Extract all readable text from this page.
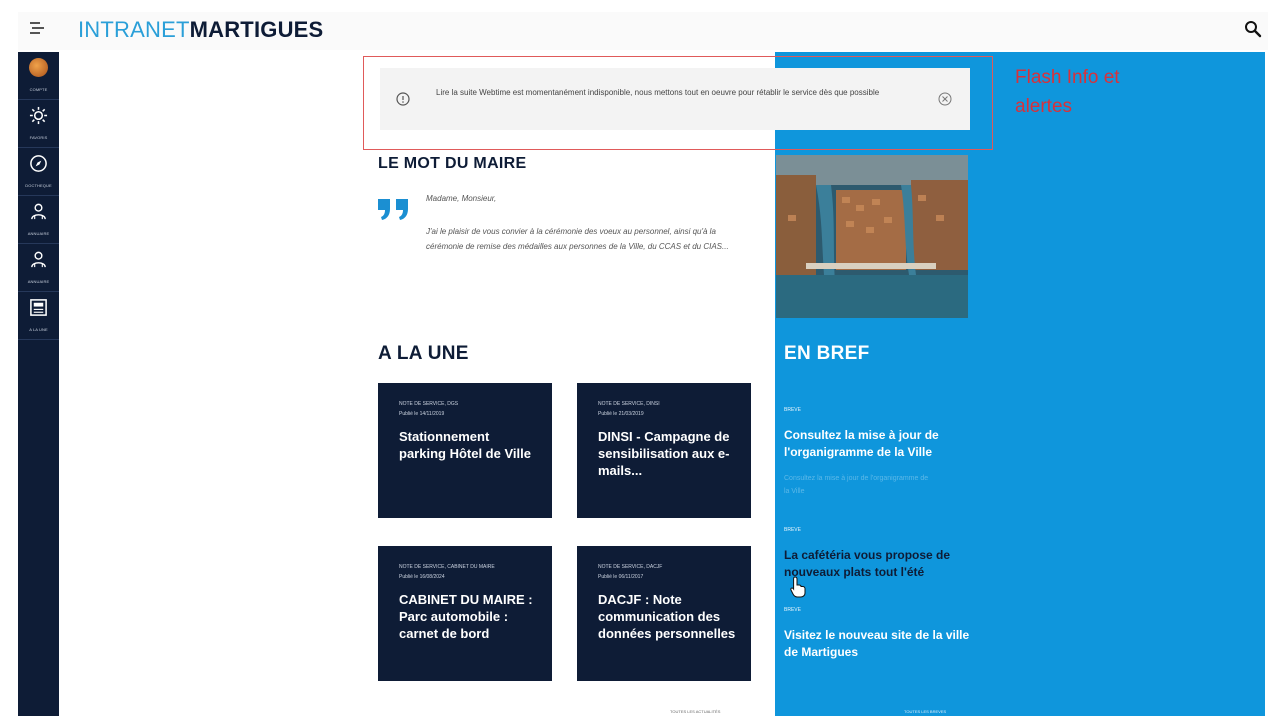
INTRANETMARTIGUES
COMPTE
FAVORIS
DOCTHEQUE
ANNUAIRE
ANNUAIRE
A LA UNE
Lire la suite Webtime est momentanément indisponible, nous mettons tout en oeuvre pour rétablir le service dès que possible
Flash Info et alertes
LE MOT DU MAIRE
Madame, Monsieur,
J'ai le plaisir de vous convier à la cérémonie des voeux au personnel, ainsi qu'à la cérémonie de remise des médailles aux personnes de la Ville, du CCAS et du CIAS...
A LA UNE
NOTE DE SERVICE, DGS
Publié le 14/11/2019
Stationnement parking Hôtel de Ville
NOTE DE SERVICE, DINSI
Publié le 21/03/2019
DINSI - Campagne de sensibilisation aux e-mails...
NOTE DE SERVICE, CABINET DU MAIRE
Publié le 16/08/2024
CABINET DU MAIRE : Parc automobile : carnet de bord
NOTE DE SERVICE, DACJF
Publié le 06/11/2017
DACJF : Note communication des données personnelles
TOUTES LES ACTUALITÉS
EN BREF
BREVE
Consultez la mise à jour de l'organigramme de la Ville
Consultez la mise à jour de l'organigramme de la Ville
BREVE
La cafétéria vous propose de nouveaux plats tout l'été
BREVE
Visitez le nouveau site de la ville de Martigues
TOUTES LES BREVES
